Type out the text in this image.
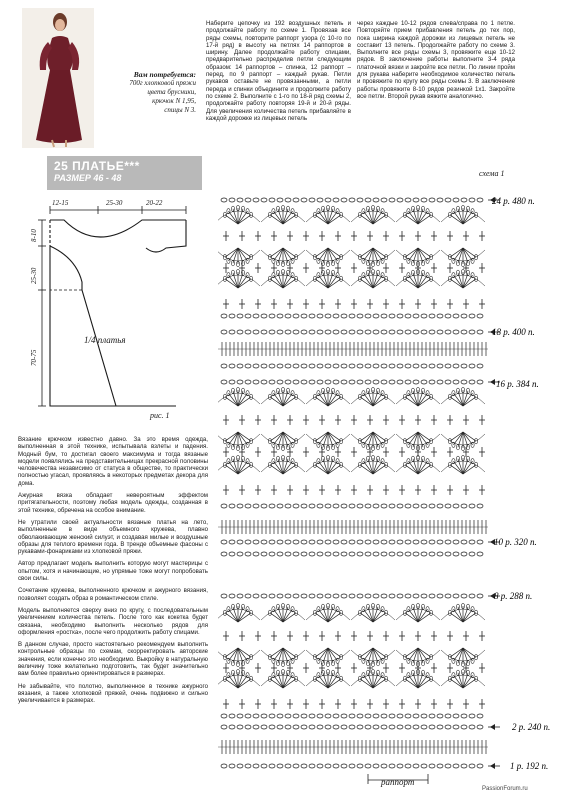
Вам потребуется:
700г хлопковой пряжи
цвета брусники,
крючок N 1,95,
спицы N 3.
25 ПЛАТЬЕ***
РАЗМЕР 46 - 48
12-15	25-30	20-22
8-10
25-30
70-75
1/4 платья
рис. 1

Наберите цепочку из 192 воздушных петель и продолжайте работу по схеме 1. Провязав все ряды схемы, повторите раппорт узора (с 10-го по 17-й ряд) в высоту на петлях 14 раппортов в ширину. Далее продолжайте работу спицами, предварительно распределив петли следующим образом: 14 раппортов – спинка, 12 раппорт – перед, по 9 раппорт – каждый рукав. Петли рукавов оставьте не провязанными, а петли переда и спинки объедините и продолжите работу по схеме 2. Выполните с 1-го по 18-й ряд схемы 2, продолжайте работу повторяя 19-й и 20-й ряды. Для увеличения количества петель прибавляйте в каждой дорожке из лицевых петель

через каждые 10-12 рядов слева/справа по 1 петле. Повторяйте прием прибавления петель до тех пор, пока ширина каждой дорожки из лицевых петель не составит 13 петель. Продолжайте работу по схеме 3. Выполните все ряды схемы 3, провяжите еще 10-12 рядов. В заключение работы выполните 3-4 ряда платочной вязки и закройте все петли. По линии пройм для рукава наберите необходимое количество петель и провяжите по кругу все ряды схемы 3. В заключение работы провяжите 8-10 рядов резинкой 1х1. Закройте все петли. Второй рукав вяжите аналогично.

Вязание крючком известно давно. За это время одежда, выполненная в этой технике, испытывала взлеты и падения. Модный бум, то достигал своего максимума и тогда вязаные модели появлялись на представительницах прекрасной половины человечества независимо от статуса в обществе, то практически полностью угасал, проявляясь в некоторых предметах декора для дома.

Ажурная вязка обладает невероятным эффектом притягательности, поэтому любая модель одежды, созданная в этой технике, обречена на особое внимание.

Не утратили своей актуальности вязаные платья на лето, выполненные в виде объемного кружева, плавно обволакивающие женский силуэт, и создавая милые и воздушные образы для теплого времени года. В тренде объемные фасоны с рукавами-фонариками из хлопковой пряжи.

Автор предлагает модель выполнить которую могут мастерицы с опытом, хотя и начинающие, но упрямые тоже могут попробовать свои силы.

Сочетание кружева, выполненного крючком и ажурного вязания, позволяет создать образ в романтическом стиле.

Модель выполняется сверху вниз по кругу, с последовательным увеличением количества петель. После того как кокетка будет связана, необходимо выполнить несколько рядов для оформления «ростка», после чего продолжить работу спицами.

В данном случае, просто настоятельно рекомендуем выполнить контрольные образцы по схемам, скорректировать авторские значения, если конечно это необходимо. Выкройку в натуральную величину тоже желательно подготовить, так будет значительно вам более правильно ориентироваться в размерах.

Не забывайте, что полотно, выполненное в технике ажурного вязания, а также хлопковой пряжей, очень подвижно и сильно увеличивается в размерах.

схема 1
24 р. 480 п.
18 р. 400 п.
16 р. 384 п.
10 р. 320 п.
8 р. 288 п.
2 р. 240 п.
1 р. 192 п.
раппорт
PassionForum.ru
